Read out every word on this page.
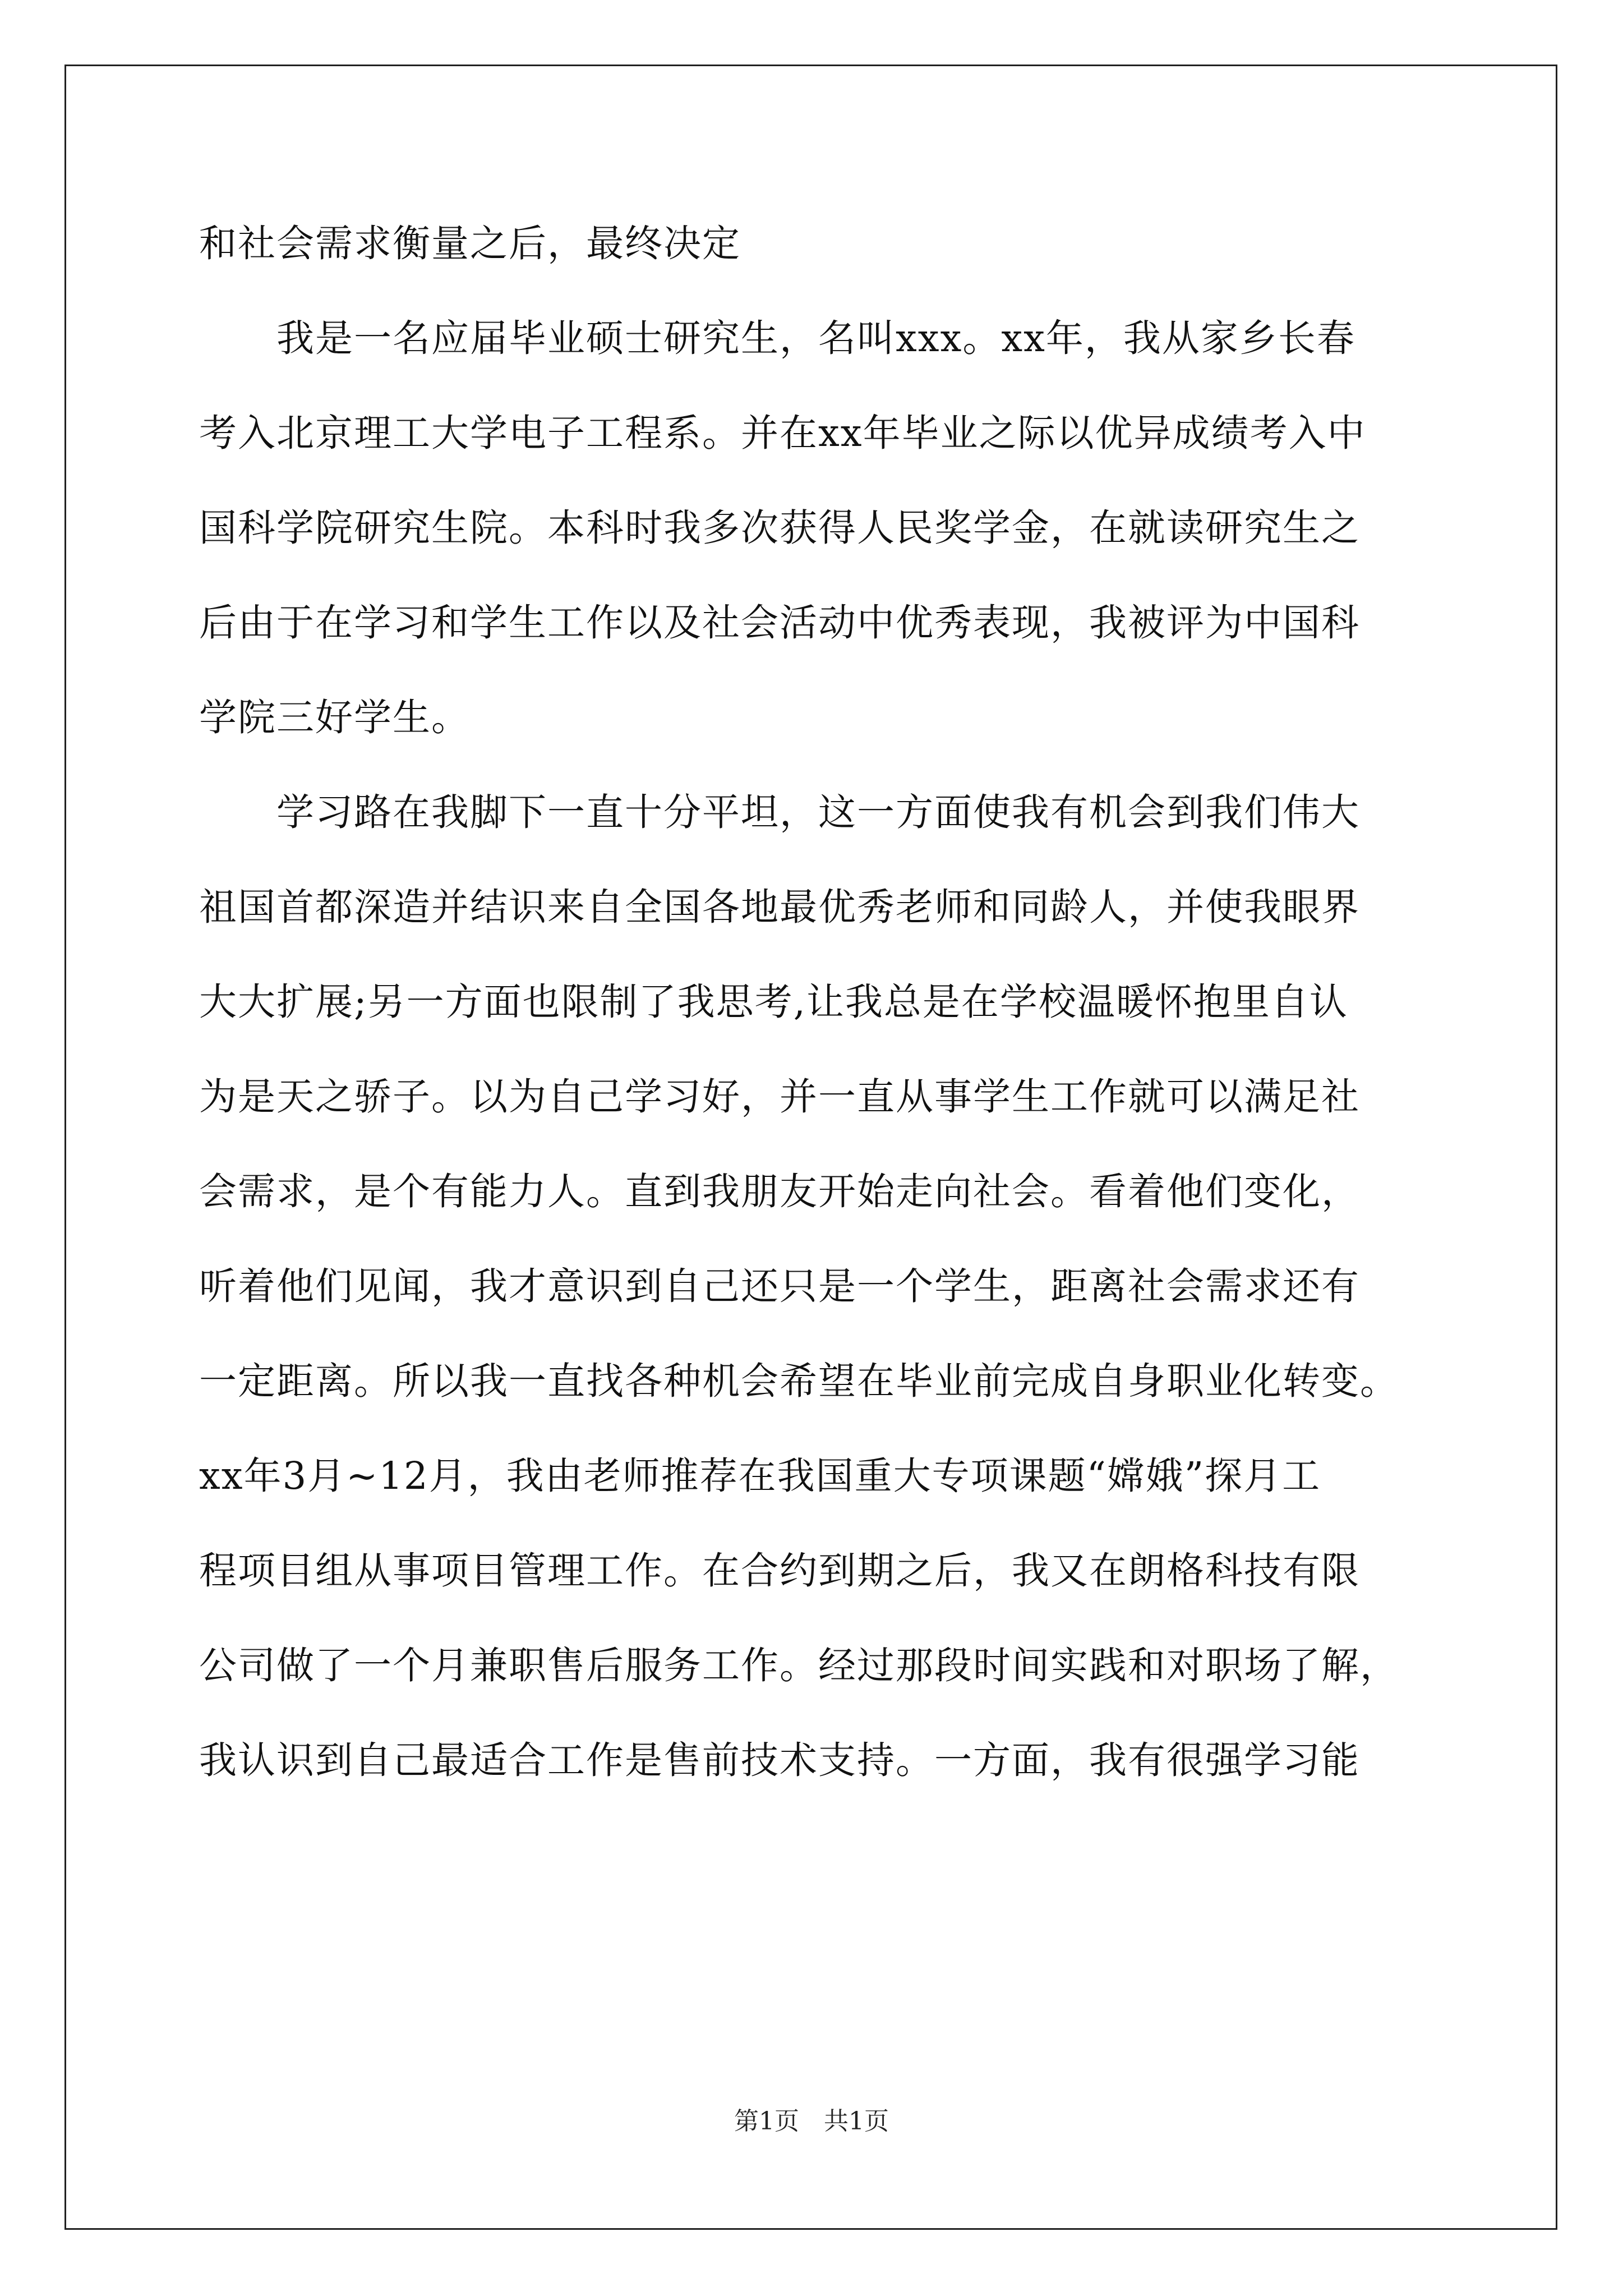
和社会需求衡量之后，最终决定
　　我是一名应届毕业硕士研究生，名叫xxx。xx年，我从家乡长春
考入北京理工大学电子工程系。并在xx年毕业之际以优异成绩考入中
国科学院研究生院。本科时我多次获得人民奖学金，在就读研究生之
后由于在学习和学生工作以及社会活动中优秀表现，我被评为中国科
学院三好学生。
　　学习路在我脚下一直十分平坦，这一方面使我有机会到我们伟大
祖国首都深造并结识来自全国各地最优秀老师和同龄人，并使我眼界
大大扩展;另一方面也限制了我思考,让我总是在学校温暖怀抱里自认
为是天之骄子。以为自己学习好，并一直从事学生工作就可以满足社
会需求，是个有能力人。直到我朋友开始走向社会。看着他们变化，
听着他们见闻，我才意识到自己还只是一个学生，距离社会需求还有
一定距离。所以我一直找各种机会希望在毕业前完成自身职业化转变。
xx年3月~12月，我由老师推荐在我国重大专项课题“嫦娥”探月工
程项目组从事项目管理工作。在合约到期之后，我又在朗格科技有限
公司做了一个月兼职售后服务工作。经过那段时间实践和对职场了解，
我认识到自己最适合工作是售前技术支持。一方面，我有很强学习能
第1页　共1页
